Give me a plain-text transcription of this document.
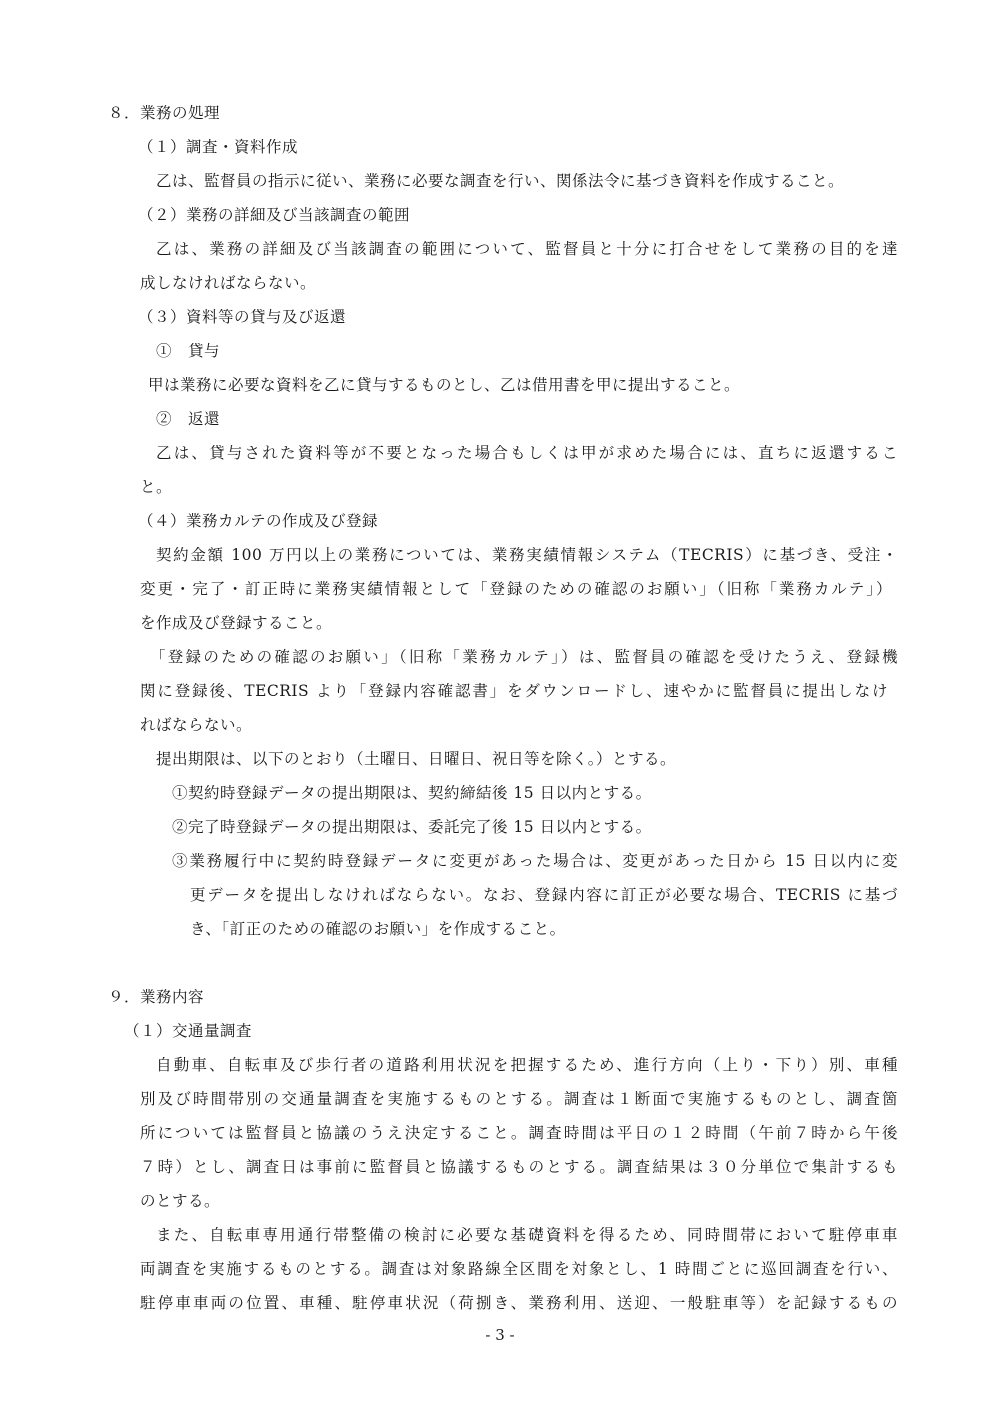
８．業務の処理
（１）調査・資料作成
乙は、監督員の指示に従い、業務に必要な調査を行い、関係法令に基づき資料を作成すること。
（２）業務の詳細及び当該調査の範囲
乙は、業務の詳細及び当該調査の範囲について、監督員と十分に打合せをして業務の目的を達
成しなければならない。
（３）資料等の貸与及び返還
①　貸与
甲は業務に必要な資料を乙に貸与するものとし、乙は借用書を甲に提出すること。
②　返還
乙は、貸与された資料等が不要となった場合もしくは甲が求めた場合には、直ちに返還するこ
と。
（４）業務カルテの作成及び登録
契約金額 100 万円以上の業務については、業務実績情報システム（TECRIS）に基づき、受注・
変更・完了・訂正時に業務実績情報として「登録のための確認のお願い」（旧称「業務カルテ」）
を作成及び登録すること。
「登録のための確認のお願い」（旧称「業務カルテ」）は、監督員の確認を受けたうえ、登録機
関に登録後、TECRIS より「登録内容確認書」をダウンロードし、速やかに監督員に提出しなけ
ればならない。
提出期限は、以下のとおり（土曜日、日曜日、祝日等を除く。）とする。
①契約時登録データの提出期限は、契約締結後 15 日以内とする。
②完了時登録データの提出期限は、委託完了後 15 日以内とする。
③業務履行中に契約時登録データに変更があった場合は、変更があった日から 15 日以内に変
更データを提出しなければならない。なお、登録内容に訂正が必要な場合、TECRIS に基づ
き、「訂正のための確認のお願い」を作成すること。
９．業務内容
（１）交通量調査
自動車、自転車及び歩行者の道路利用状況を把握するため、進行方向（上り・下り）別、車種
別及び時間帯別の交通量調査を実施するものとする。調査は１断面で実施するものとし、調査箇
所については監督員と協議のうえ決定すること。調査時間は平日の１２時間（午前７時から午後
７時）とし、調査日は事前に監督員と協議するものとする。調査結果は３０分単位で集計するも
のとする。
また、自転車専用通行帯整備の検討に必要な基礎資料を得るため、同時間帯において駐停車車
両調査を実施するものとする。調査は対象路線全区間を対象とし、1 時間ごとに巡回調査を行い、
駐停車車両の位置、車種、駐停車状況（荷捌き、業務利用、送迎、一般駐車等）を記録するもの
- 3 -
